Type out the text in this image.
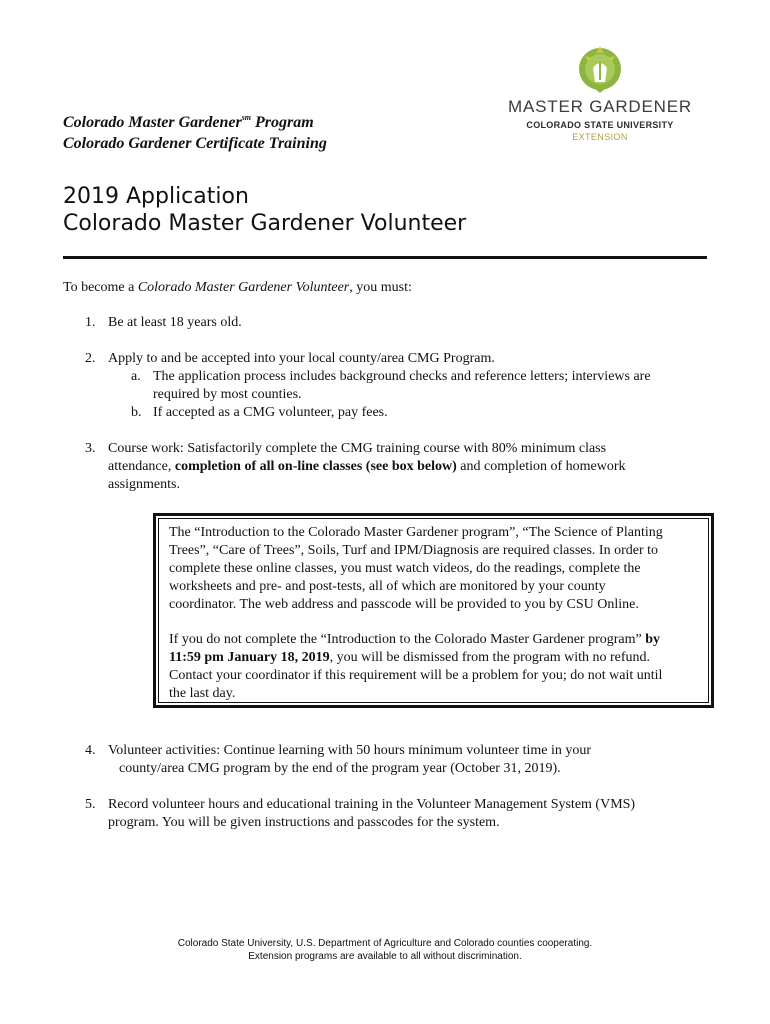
Colorado Master Gardener$^{sm}$ Program
Colorado Gardener Certificate Training
MASTER GARDENER
COLORADO STATE UNIVERSITY
EXTENSION
2019 Application
Colorado Master Gardener Volunteer
To become a Colorado Master Gardener Volunteer, you must:
1. Be at least 18 years old.
2. Apply to and be accepted into your local county/area CMG Program.
a. The application process includes background checks and reference letters; interviews are
required by most counties.
b. If accepted as a CMG volunteer, pay fees.
3. Course work: Satisfactorily complete the CMG training course with 80% minimum class
attendance, completion of all on-line classes (see box below) and completion of homework
assignments.
The “Introduction to the Colorado Master Gardener program”, “The Science of Planting
Trees”, “Care of Trees”, Soils, Turf and IPM/Diagnosis are required classes. In order to
complete these online classes, you must watch videos, do the readings, complete the
worksheets and pre- and post-tests, all of which are monitored by your county
coordinator. The web address and passcode will be provided to you by CSU Online.
If you do not complete the “Introduction to the Colorado Master Gardener program” by
11:59 pm January 18, 2019, you will be dismissed from the program with no refund.
Contact your coordinator if this requirement will be a problem for you; do not wait until
the last day.
4. Volunteer activities: Continue learning with 50 hours minimum volunteer time in your
county/area CMG program by the end of the program year (October 31, 2019).
5. Record volunteer hours and educational training in the Volunteer Management System (VMS)
program. You will be given instructions and passcodes for the system.
Colorado State University, U.S. Department of Agriculture and Colorado counties cooperating.
Extension programs are available to all without discrimination.
